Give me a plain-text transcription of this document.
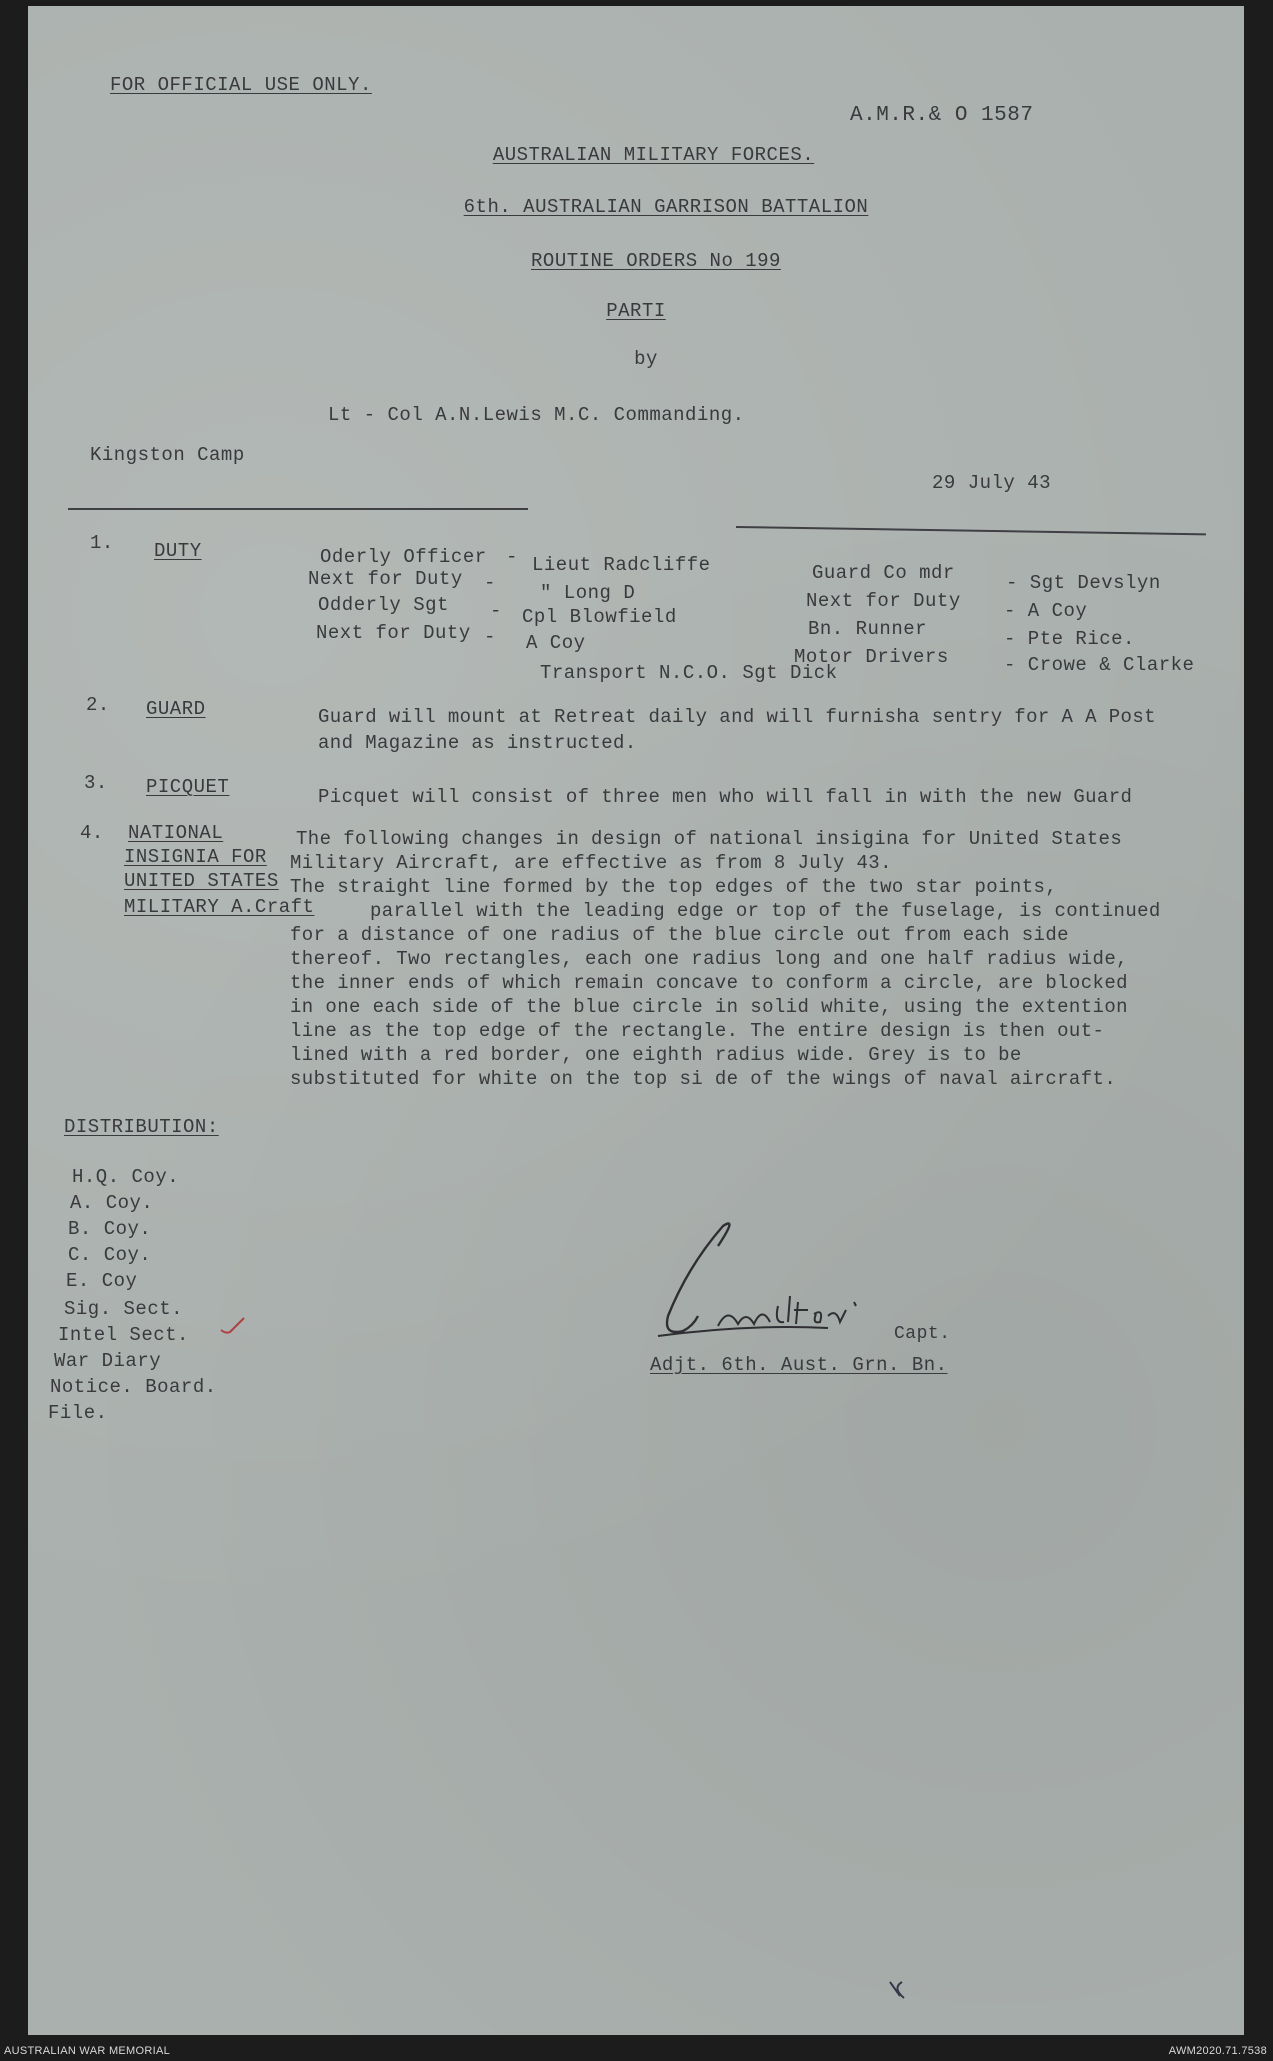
FOR OFFICIAL USE ONLY.
A.M.R.& O 1587
AUSTRALIAN MILITARY FORCES.
6th. AUSTRALIAN GARRISON BATTALION
ROUTINE ORDERS No 199
PARTI
by
Lt - Col A.N.Lewis M.C. Commanding.
Kingston Camp
29 July 43
1. DUTY	Oderly Officer - Lieut Radcliffe
Next for Duty - " Long D
Odderly Sgt - Cpl Blowfield
Next for Duty - A Coy
Transport N.C.O. Sgt Dick
Guard Co mdr	- Sgt Devslyn
Next for Duty - A Coy
Bn. Runner	- Pte Rice.
Motor Drivers	- Crowe & Clarke
2. GUARD	Guard will mount at Retreat daily and will furnisha sentry for A A Post
and Magazine as instructed.
3. PICQUET	Picquet will consist of three men who will fall in with the new Guard
4. NATIONAL
INSIGNIA FOR
UNITED STATES
MILITARY A.Craft
The following changes in design of national insigina for United States
Military Aircraft, are effective as from 8 July 43.
The straight line formed by the top edges of the two star points,
parallel with the leading edge or top of the fuselage, is continued
for a distance of one radius of the blue circle out from each side
thereof. Two rectangles, each one radius long and one half radius wide,
the inner ends of which remain concave to conform a circle, are blocked
in one each side of the blue circle in solid white, using the extention
line as the top edge of the rectangle. The entire design is then out-
lined with a red border, one eighth radius wide. Grey is to be
substituted for white on the top si de of the wings of naval aircraft.
DISTRIBUTION:
H.Q. Coy.
A. Coy.
B. Coy.
C. Coy.
E. Coy
Sig. Sect.
Intel Sect.
War Diary
Notice. Board.
File.
Capt.
Adjt. 6th. Aust. Grn. Bn.
AUSTRALIAN WAR MEMORIAL	AWM2020.71.7538
